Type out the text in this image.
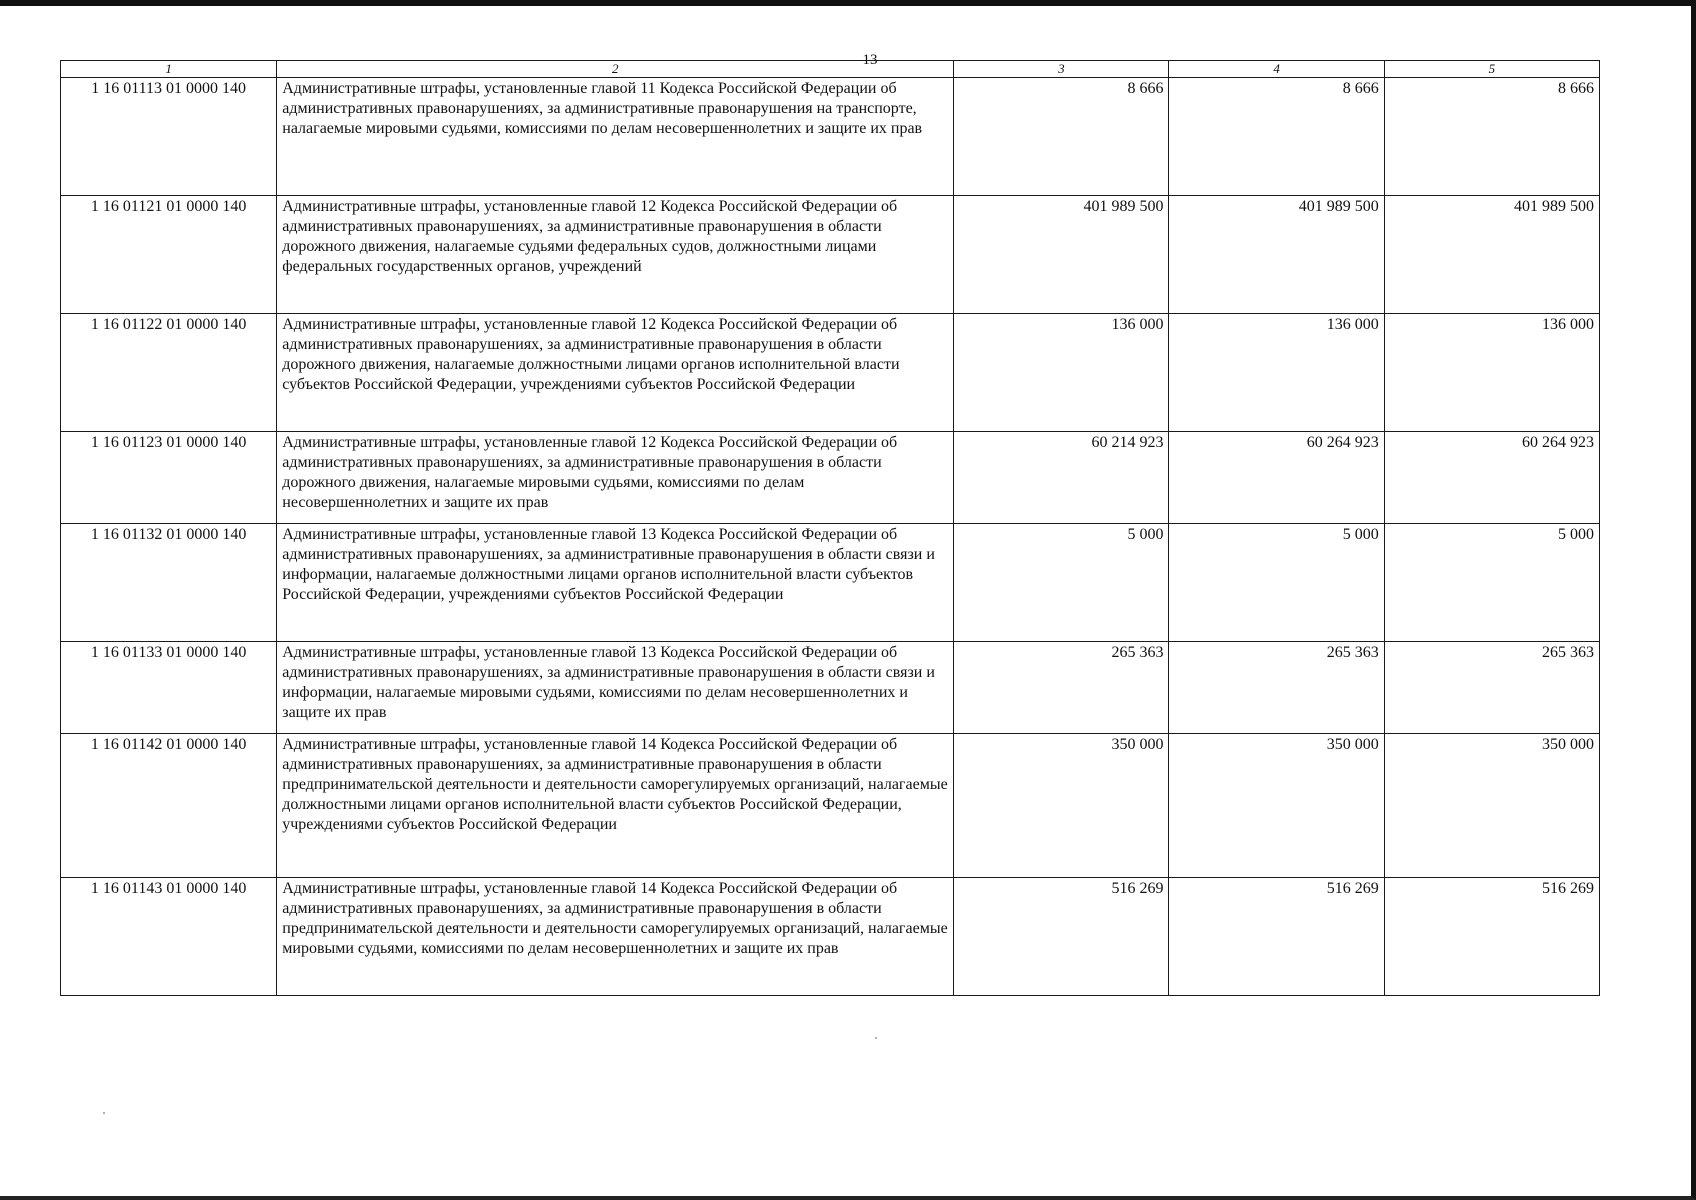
13
1	2	3	4	5
1 16 01113 01 0000 140	Административные штрафы, установленные главой 11 Кодекса Российской Федерации об административных правонарушениях, за административные правонарушения на транспорте, налагаемые мировыми судьями, комиссиями по делам несовершеннолетних и защите их прав	8 666	8 666	8 666
1 16 01121 01 0000 140	Административные штрафы, установленные главой 12 Кодекса Российской Федерации об административных правонарушениях, за административные правонарушения в области дорожного движения, налагаемые судьями федеральных судов, должностными лицами федеральных государственных органов, учреждений	401 989 500	401 989 500	401 989 500
1 16 01122 01 0000 140	Административные штрафы, установленные главой 12 Кодекса Российской Федерации об административных правонарушениях, за административные правонарушения в области дорожного движения, налагаемые должностными лицами органов исполнительной власти субъектов Российской Федерации, учреждениями субъектов Российской Федерации	136 000	136 000	136 000
1 16 01123 01 0000 140	Административные штрафы, установленные главой 12 Кодекса Российской Федерации об административных правонарушениях, за административные правонарушения в области дорожного движения, налагаемые мировыми судьями, комиссиями по делам несовершеннолетних и защите их прав	60 214 923	60 264 923	60 264 923
1 16 01132 01 0000 140	Административные штрафы, установленные главой 13 Кодекса Российской Федерации об административных правонарушениях, за административные правонарушения в области связи и информации, налагаемые должностными лицами органов исполнительной власти субъектов Российской Федерации, учреждениями субъектов Российской Федерации	5 000	5 000	5 000
1 16 01133 01 0000 140	Административные штрафы, установленные главой 13 Кодекса Российской Федерации об административных правонарушениях, за административные правонарушения в области связи и информации, налагаемые мировыми судьями, комиссиями по делам несовершеннолетних и защите их прав	265 363	265 363	265 363
1 16 01142 01 0000 140	Административные штрафы, установленные главой 14 Кодекса Российской Федерации об административных правонарушениях, за административные правонарушения в области предпринимательской деятельности и деятельности саморегулируемых организаций, налагаемые должностными лицами органов исполнительной власти субъектов Российской Федерации, учреждениями субъектов Российской Федерации	350 000	350 000	350 000
1 16 01143 01 0000 140	Административные штрафы, установленные главой 14 Кодекса Российской Федерации об административных правонарушениях, за административные правонарушения в области предпринимательской деятельности и деятельности саморегулируемых организаций, налагаемые мировыми судьями, комиссиями по делам несовершеннолетних и защите их прав	516 269	516 269	516 269
